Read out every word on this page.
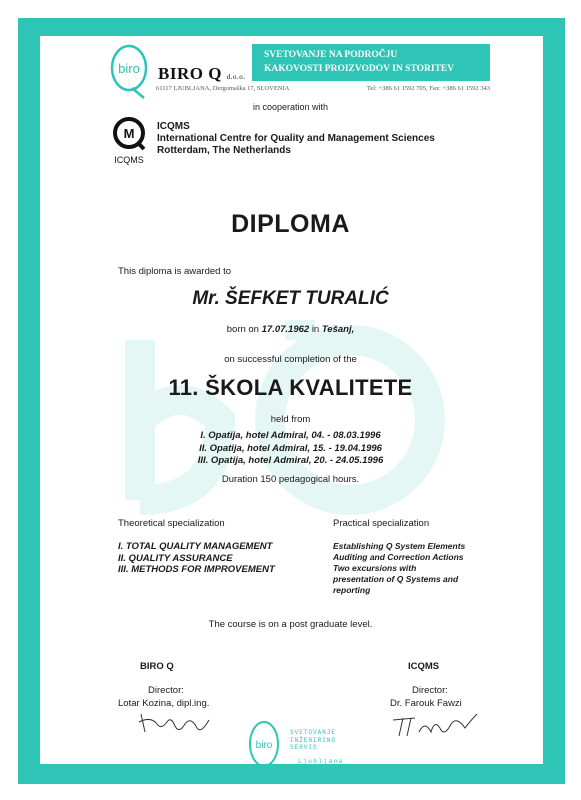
biro BIRO Q d.o.o.
SVETOVANJE NA PODROČJU
KAKOVOSTI PROIZVODOV IN STORITEV
61117 LJUBLJANA, Dergomaška 17, SLOVENIA	Tel: +386 61 1592 705, Fax: +386 61 1592 343
in cooperation with
M
ICQMS
ICQMS
International Centre for Quality and Management Sciences
Rotterdam, The Netherlands
DIPLOMA
This diploma is awarded to
Mr. ŠEFKET TURALIĆ
born on 17.07.1962 in Tešanj,
on successful completion of the
11. ŠKOLA KVALITETE
held from
I. Opatija, hotel Admiral, 04. - 08.03.1996
II. Opatija, hotel Admiral, 15. - 19.04.1996
III. Opatija, hotel Admiral, 20. - 24.05.1996
Duration 150 pedagogical hours.
Theoretical specialization	Practical specialization
I. TOTAL QUALITY MANAGEMENT
II. QUALITY ASSURANCE
III. METHODS FOR IMPROVEMENT
Establishing Q System Elements
Auditing and Correction Actions
Two excursions with
presentation of Q Systems and
reporting
The course is on a post graduate level.
BIRO Q
Director:
Lotar Kozina, dipl.ing.
ICQMS
Director:
Dr. Farouk Fawzi
biro
SVETOVANJE
INŽENIRING
SERVIS
Ljubljana
